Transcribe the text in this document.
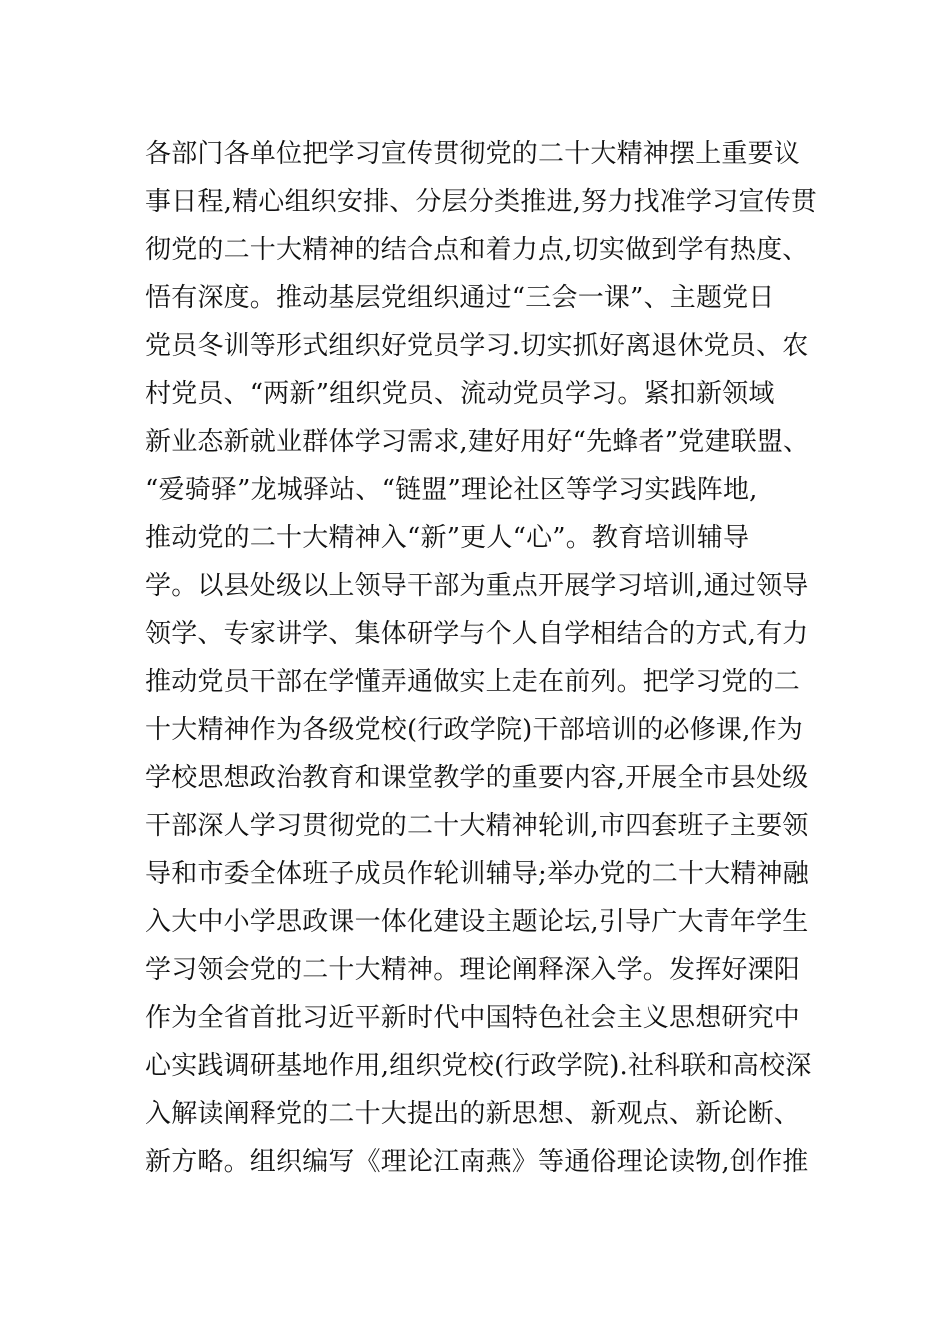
各部门各单位把学习宣传贯彻党的二十大精神摆上重要议
事日程,精心组织安排、分层分类推进,努力找准学习宣传贯
彻党的二十大精神的结合点和着力点,切实做到学有热度、
悟有深度。推动基层党组织通过“三会一课”、主题党日
党员冬训等形式组织好党员学习.切实抓好离退休党员、农
村党员、“两新”组织党员、流动党员学习。紧扣新领域
新业态新就业群体学习需求,建好用好“先蜂者”党建联盟、
“爱骑驿”龙城驿站、“链盟”理论社区等学习实践阵地,
推动党的二十大精神入“新”更人“心”。教育培训辅导
学。以县处级以上领导干部为重点开展学习培训,通过领导
领学、专家讲学、集体研学与个人自学相结合的方式,有力
推动党员干部在学懂弄通做实上走在前列。把学习党的二
十大精神作为各级党校(行政学院)干部培训的必修课,作为
学校思想政治教育和课堂教学的重要内容,开展全市县处级
干部深人学习贯彻党的二十大精神轮训,市四套班子主要领
导和市委全体班子成员作轮训辅导;举办党的二十大精神融
入大中小学思政课一体化建设主题论坛,引导广大青年学生
学习领会党的二十大精神。理论阐释深入学。发挥好溧阳
作为全省首批习近平新时代中国特色社会主义思想研究中
心实践调研基地作用,组织党校(行政学院).社科联和高校深
入解读阐释党的二十大提出的新思想、新观点、新论断、
新方略。组织编写《理论江南燕》等通俗理论读物,创作推
